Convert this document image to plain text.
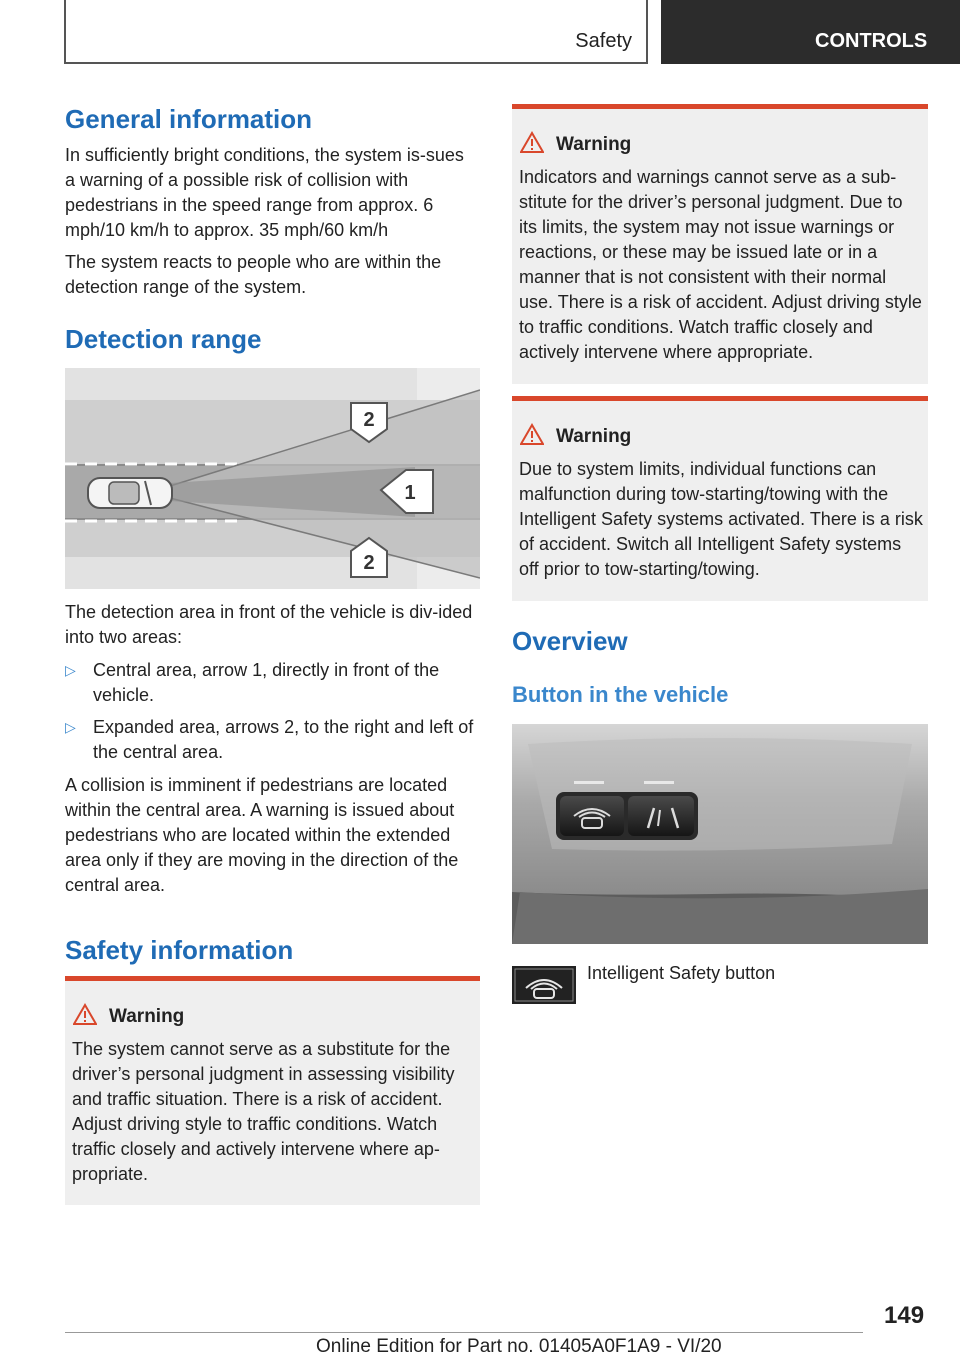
Safety	CONTROLS
General information

In sufficiently bright conditions, the system is-sues a warning of a possible risk of collision with pedestrians in the speed range from approx. 6 mph/10 km/h to approx. 35 mph/60 km/h

The system reacts to people who are within the detection range of the system.

Detection range
2
1
2

The detection area in front of the vehicle is div-ided into two areas:

▷ Central area, arrow 1, directly in front of the vehicle.
▷ Expanded area, arrows 2, to the right and left of the central area.

A collision is imminent if pedestrians are located within the central area. A warning is issued about pedestrians who are located within the extended area only if they are moving in the direction of the central area.

Safety information
Warning
The system cannot serve as a substitute for the driver’s personal judgment in assessing visibility and traffic situation. There is a risk of accident. Adjust driving style to traffic conditions. Watch traffic closely and actively intervene where ap-propriate.
Warning
Indicators and warnings cannot serve as a sub-stitute for the driver’s personal judgment. Due to its limits, the system may not issue warnings or reactions, or these may be issued late or in a manner that is not consistent with their normal use. There is a risk of accident. Adjust driving style to traffic conditions. Watch traffic closely and actively intervene where appropriate.
Warning
Due to system limits, individual functions can malfunction during tow-starting/towing with the Intelligent Safety systems activated. There is a risk of accident. Switch all Intelligent Safety systems off prior to tow-starting/towing.
Overview
Button in the vehicle

Intelligent Safety button

149
Online Edition for Part no. 01405A0F1A9 - VI/20
